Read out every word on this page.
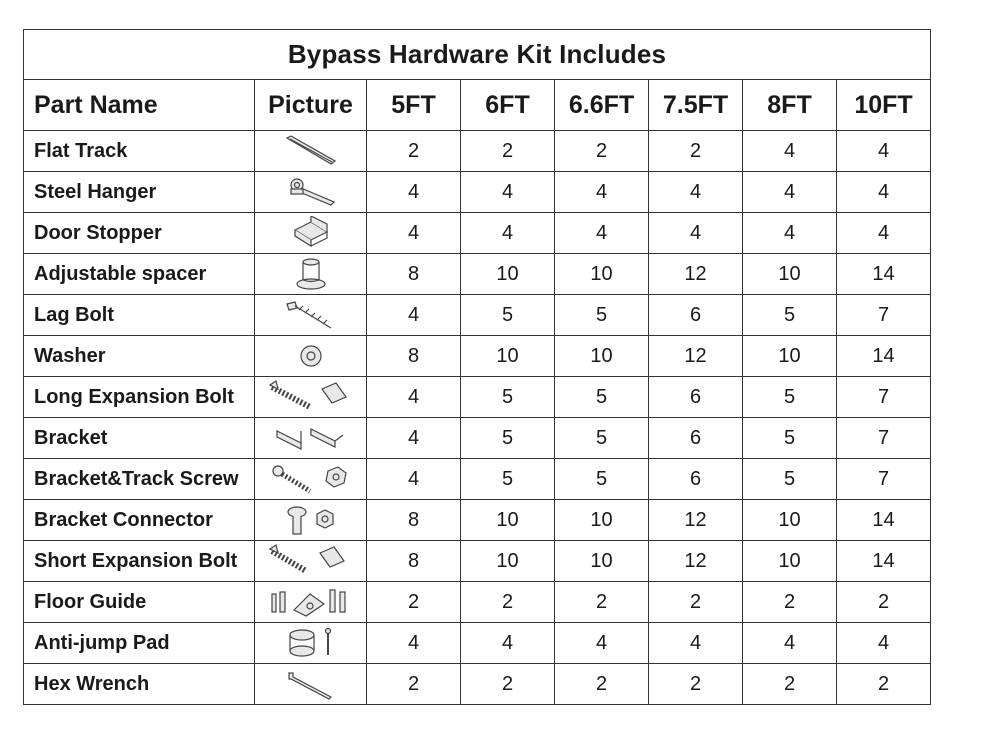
Bypass Hardware Kit Includes							
Part Name	Picture	5FT	6FT	6.6FT	7.5FT	8FT	10FT
Flat Track		2	2	2	2	4	4
Steel Hanger		4	4	4	4	4	4
Door Stopper		4	4	4	4	4	4
Adjustable spacer		8	10	10	12	10	14
Lag Bolt		4	5	5	6	5	7
Washer		8	10	10	12	10	14
Long Expansion Bolt		4	5	5	6	5	7
Bracket		4	5	5	6	5	7
Bracket&Track Screw		4	5	5	6	5	7
Bracket Connector		8	10	10	12	10	14
Short Expansion Bolt		8	10	10	12	10	14
Floor Guide		2	2	2	2	2	2
Anti-jump Pad		4	4	4	4	4	4
Hex Wrench		2	2	2	2	2	2
